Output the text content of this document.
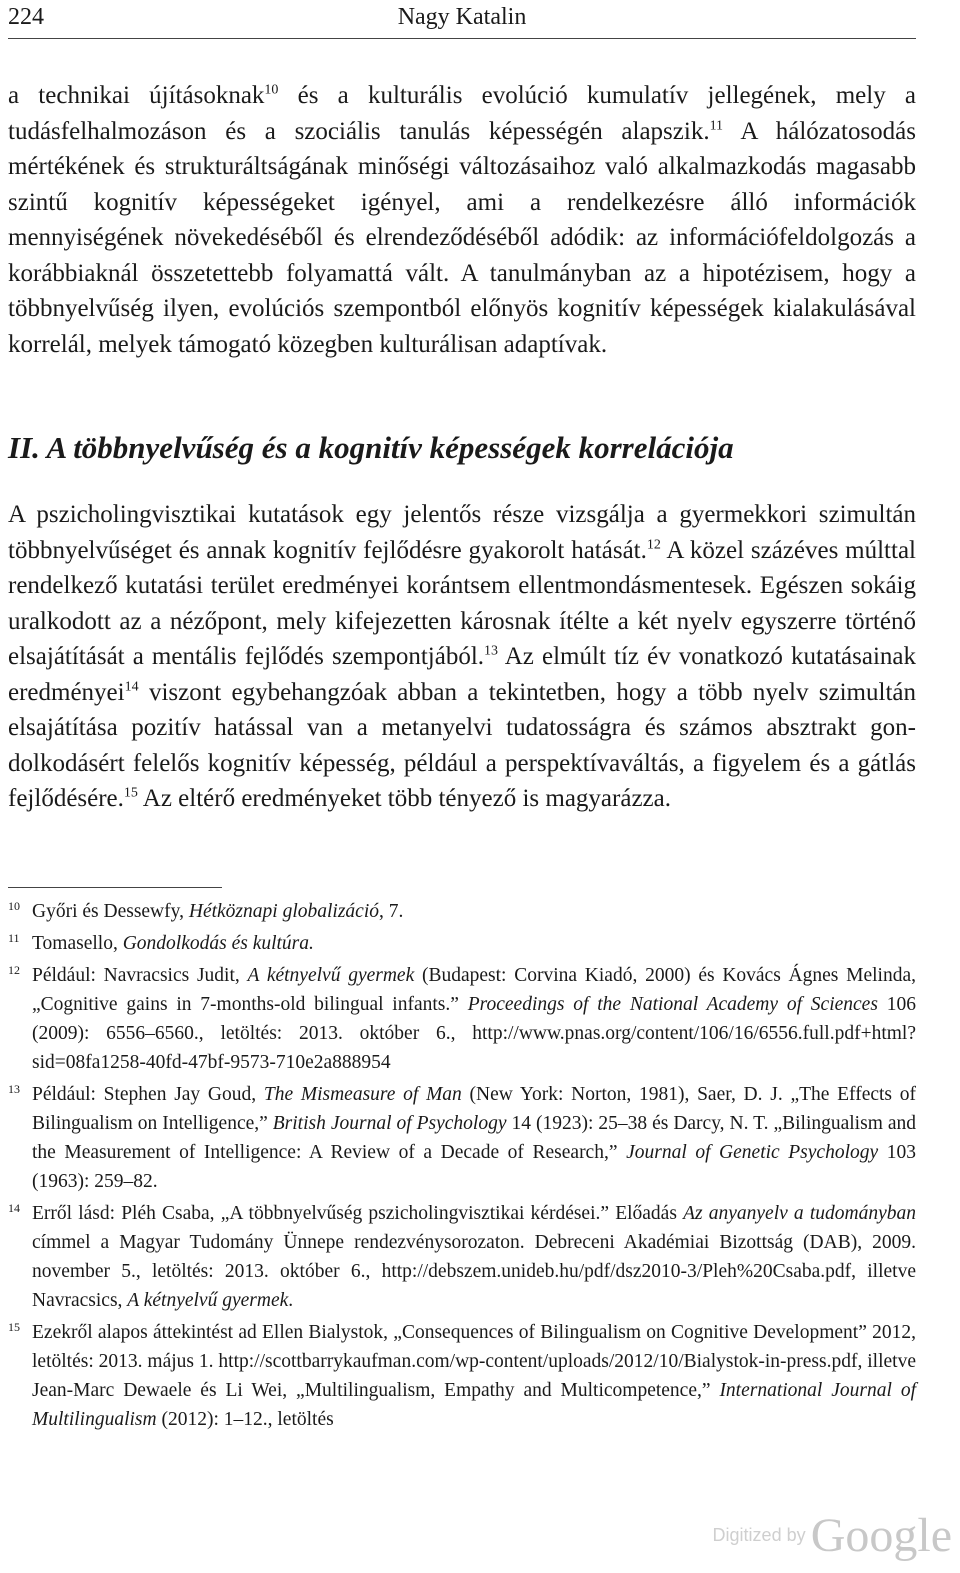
224	Nagy Katalin

a technikai újításoknak$^{10}$ és a kulturális evolúció kumulatív jellegének, mely a tudásfelhalmozáson és a szociális tanulás képességén alapszik.$^{11}$ A hálózatosodás mértékének és strukturáltságának minőségi változásaihoz való alkalmazkodás magasabb szintű kognitív képességeket igényel, ami a rendelkezésre álló információk mennyiségének növekedéséből és elrendeződéséből adódik: az információfeldolgozás a korábbiaknál összetettebb folyamattá vált. A tanulmányban az a hipotézisem, hogy a többnyelvűség ilyen, evolúciós szempontból előnyös kognitív képességek kialakulásával korrelál, melyek támogató közegben kulturálisan adaptívak.

II. A többnyelvűség és a kognitív képességek korrelációja

A pszicholingvisztikai kutatások egy jelentős része vizsgálja a gyermekkori szimultán többnyelvűséget és annak kognitív fejlődésre gyakorolt hatását.$^{12}$ A közel százéves múlttal rendelkező kutatási terület eredményei korántsem ellentmondásmentesek. Egészen sokáig uralkodott az a nézőpont, mely kifejezetten károsnak ítélte a két nyelv egyszerre történő elsajátítását a mentális fejlődés szempontjából.$^{13}$ Az elmúlt tíz év vonatkozó kutatásainak eredményei$^{14}$ viszont egybehangzóak abban a tekintetben, hogy a több nyelv szimultán elsajátítása pozitív hatással van a metanyelvi tudatosságra és számos absztrakt gondolkodásért felelős kognitív képesség, például a perspektívaváltás, a figyelem és a gátlás fejlődésére.$^{15}$ Az eltérő eredményeket több tényező is magyarázza.

10 Győri és Dessewfy, Hétköznapi globalizáció, 7.
11 Tomasello, Gondolkodás és kultúra.
12 Például: Navracsics Judit, A kétnyelvű gyermek (Budapest: Corvina Kiadó, 2000) és Kovács Ágnes Melinda, „Cognitive gains in 7-months-old bilingual infants.” Proceedings of the National Academy of Sciences 106 (2009): 6556–6560., letöltés: 2013. október 6., http://www.pnas.org/content/106/16/6556.full.pdf+html?sid=08fa1258-40fd-47bf-9573-710e2a888954
13 Például: Stephen Jay Goud, The Mismeasure of Man (New York: Norton, 1981), Saer, D. J. „The Effects of Bilingualism on Intelligence,” British Journal of Psychology 14 (1923): 25–38 és Darcy, N. T. „Bilingualism and the Measurement of Intelligence: A Review of a Decade of Research,” Journal of Genetic Psychology 103 (1963): 259–82.
14 Erről lásd: Pléh Csaba, „A többnyelvűség pszicholingvisztikai kérdései.” Előadás Az anyanyelv a tudományban címmel a Magyar Tudomány Ünnepe rendezvénysorozaton. Debreceni Akadémiai Bizottság (DAB), 2009. november 5., letöltés: 2013. október 6., http://debszem.unideb.hu/pdf/dsz2010-3/Pleh%20Csaba.pdf, illetve Navracsics, A kétnyelvű gyermek.
15 Ezekről alapos áttekintést ad Ellen Bialystok, „Consequences of Bilingualism on Cognitive Development” 2012, letöltés: 2013. május 1. http://scottbarrykaufman.com/wp-content/uploads/2012/10/Bialystok-in-press.pdf, illetve Jean-Marc Dewaele és Li Wei, „Multilingualism, Empathy and Multicompetence,” International Journal of Multilingualism (2012): 1–12., letöltés
Digitized by Google
